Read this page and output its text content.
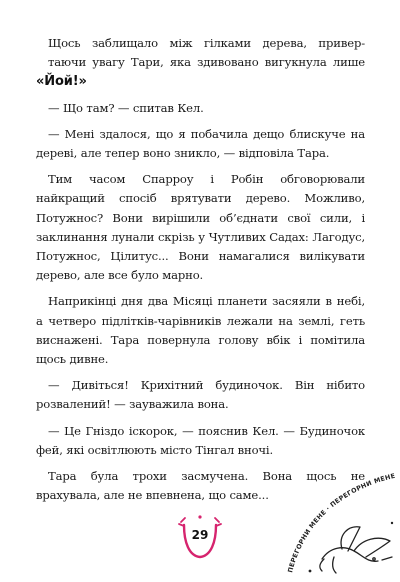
Щось заблищало між гілками дерева, привер-
таючи увагу Тари, яка здивовано вигукнула лише
«Йой!»

— Що там? — спитав Кел.

— Мені здалося, що я побачила дещо блискуче на дереві, але тепер воно зникло, — відповіла Тара.

Тим часом Спарроу і Робін обговорювали найкращий спосіб врятувати дерево. Можливо, Потужнос? Вони вирішили об’єднати свої сили, і заклинання лунали скрізь у Чутливих Садах: Лагодус, Потужнос, Цілитус... Вони намагалися вилікувати дерево, але все було марно.

Наприкінці дня два Місяці планети засяяли в небі, а четверо підлітків-чарівників лежали на землі, геть виснажені. Тара повернула голову вбік і помітила щось дивне.

— Дивіться! Крихітний будиночок. Він нібито розвалений! — зауважила вона.

— Це Гніздо іскорок, — пояснив Кел. — Будиночок фей, які освітлюють місто Тінгал вночі.

Тара була трохи засмучена. Вона щось не врахувала, але не впевнена, що саме...

29
ПЕРЕГОРНИ МЕНЕ · ПЕРЕГОРНИ МЕНЕ
